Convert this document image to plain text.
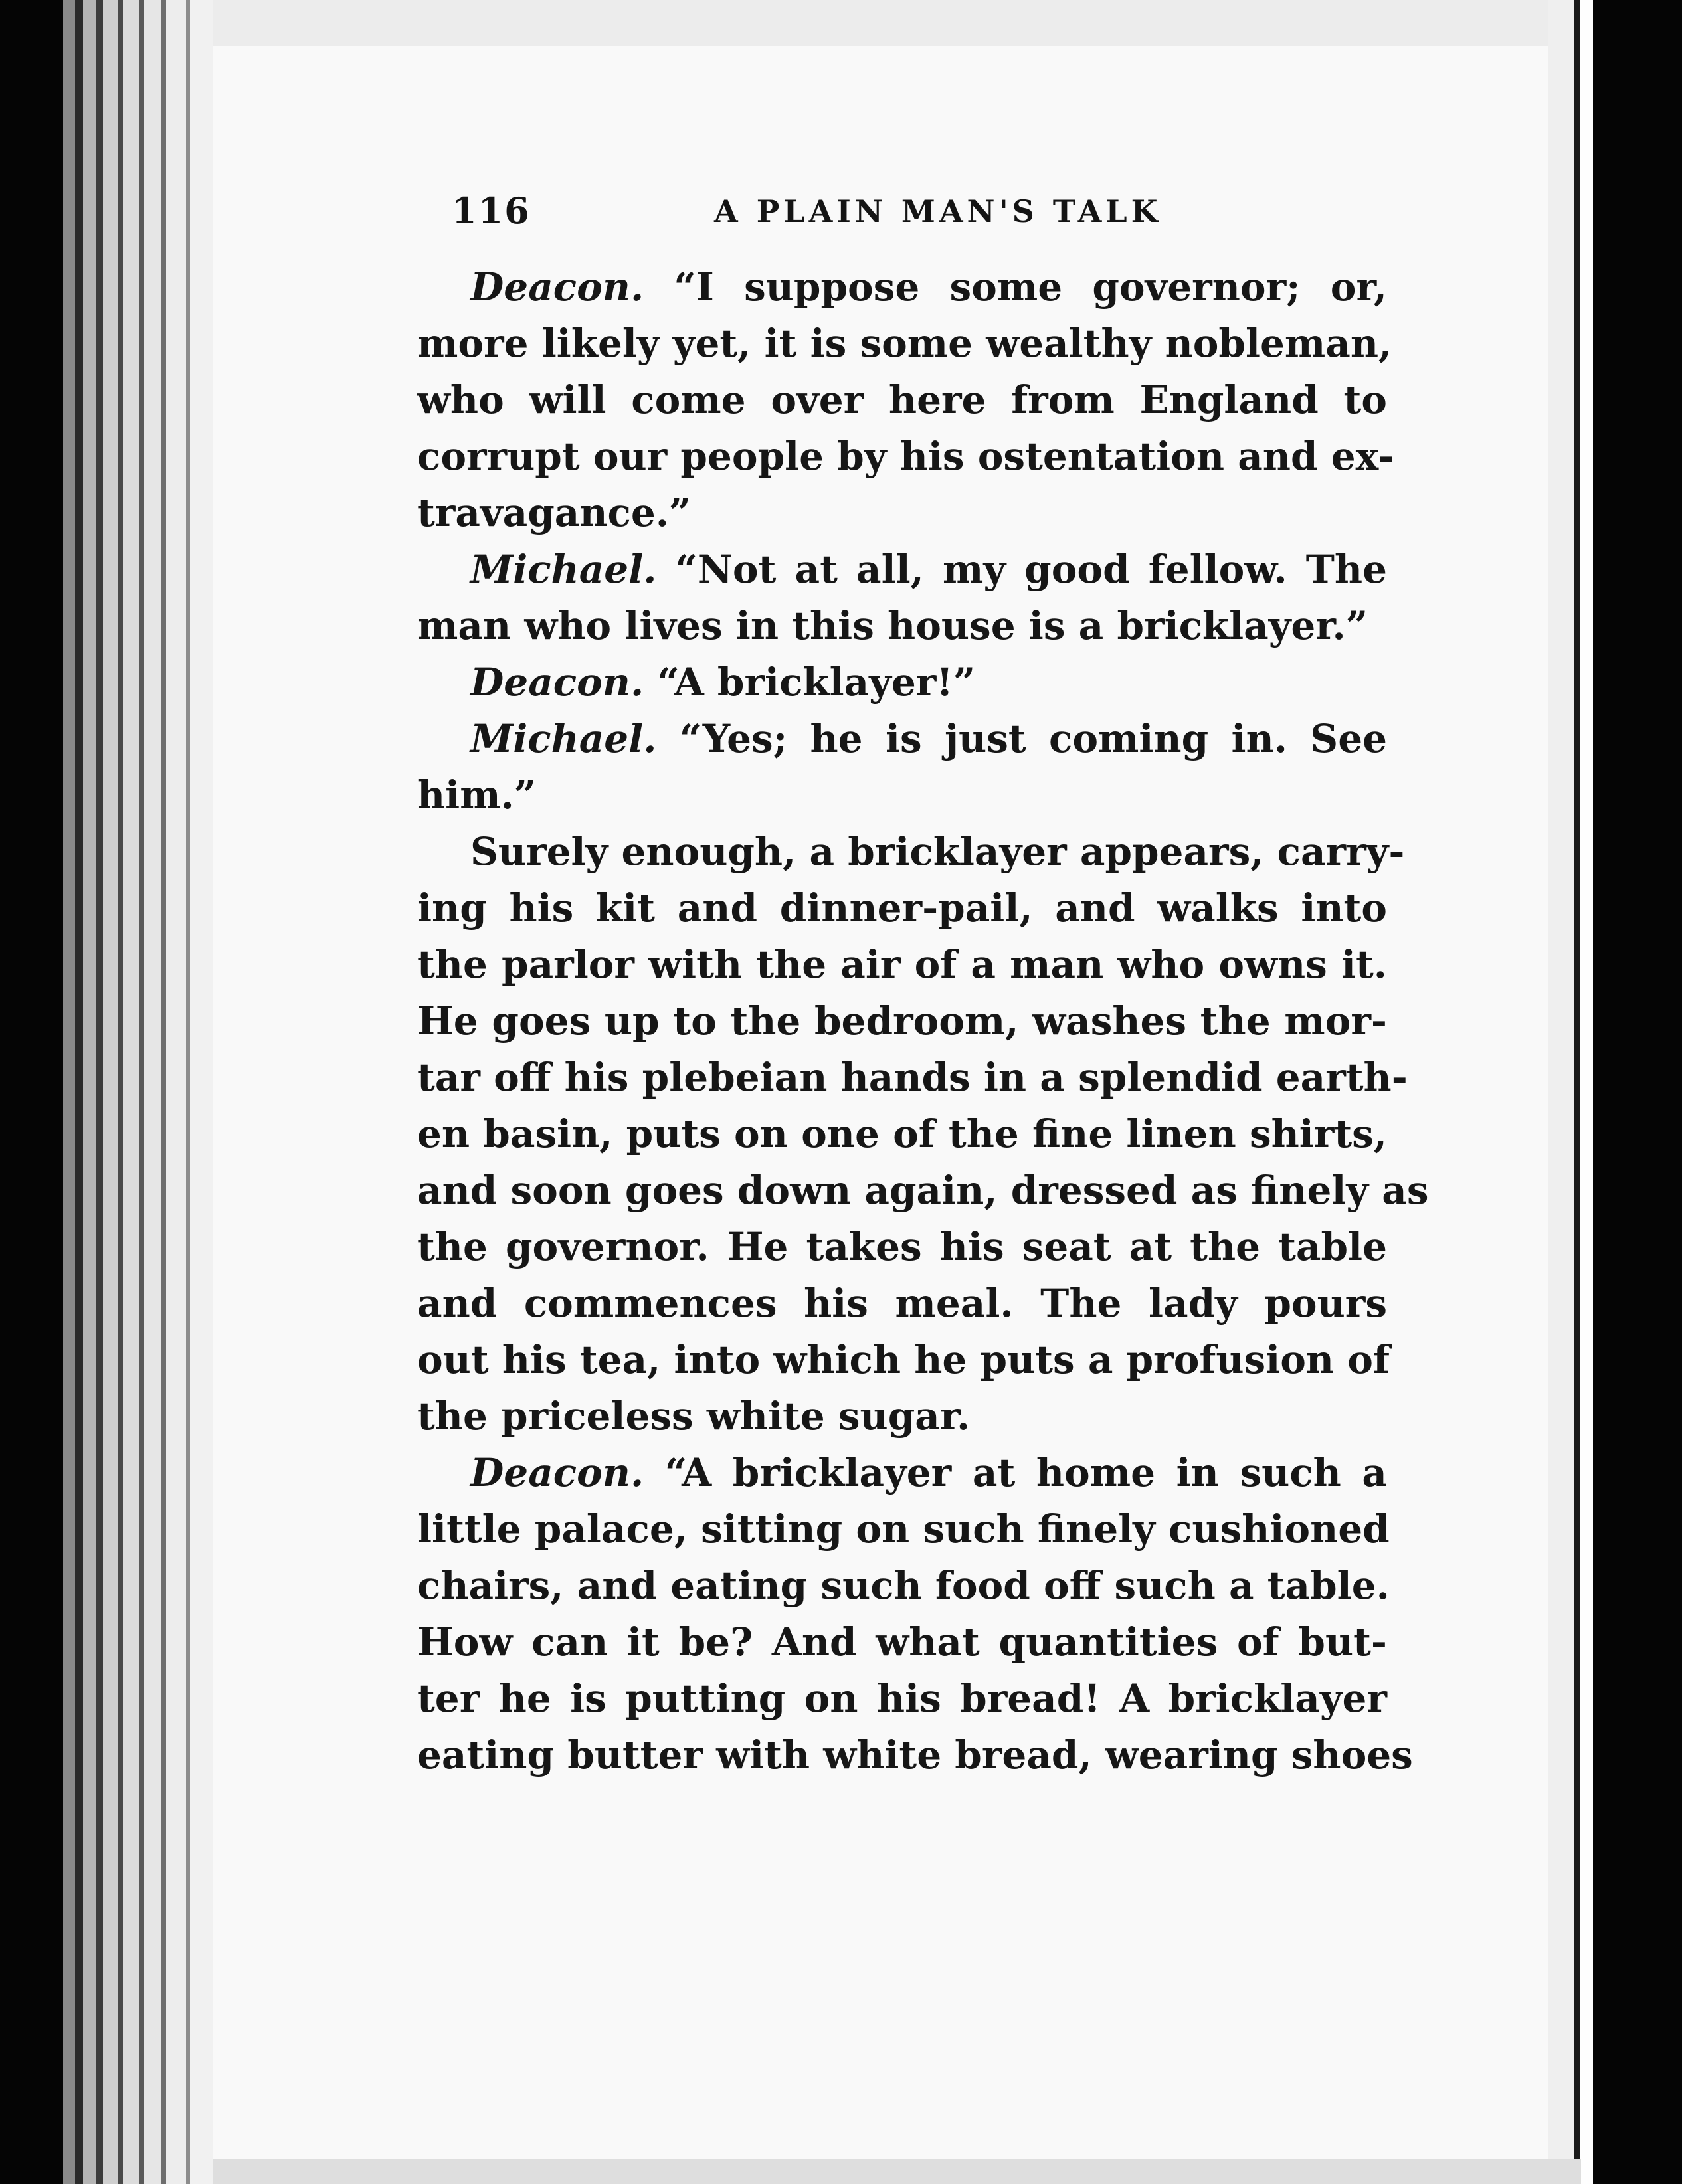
116	A PLAIN MAN'S TALK
Deacon. “I suppose some governor; or,
more likely yet, it is some wealthy nobleman,
who will come over here from England to
corrupt our people by his ostentation and ex-
travagance.”
Michael. “Not at all, my good fellow. The
man who lives in this house is a bricklayer.”
Deacon. “A bricklayer!”
Michael. “Yes; he is just coming in. See
him.”
Surely enough, a bricklayer appears, carry-
ing his kit and dinner-pail, and walks into
the parlor with the air of a man who owns it.
He goes up to the bedroom, washes the mor-
tar off his plebeian hands in a splendid earth-
en basin, puts on one of the fine linen shirts,
and soon goes down again, dressed as finely as
the governor. He takes his seat at the table
and commences his meal. The lady pours
out his tea, into which he puts a profusion of
the priceless white sugar.
Deacon. “A bricklayer at home in such a
little palace, sitting on such finely cushioned
chairs, and eating such food off such a table.
How can it be? And what quantities of but-
ter he is putting on his bread! A bricklayer
eating butter with white bread, wearing shoes
